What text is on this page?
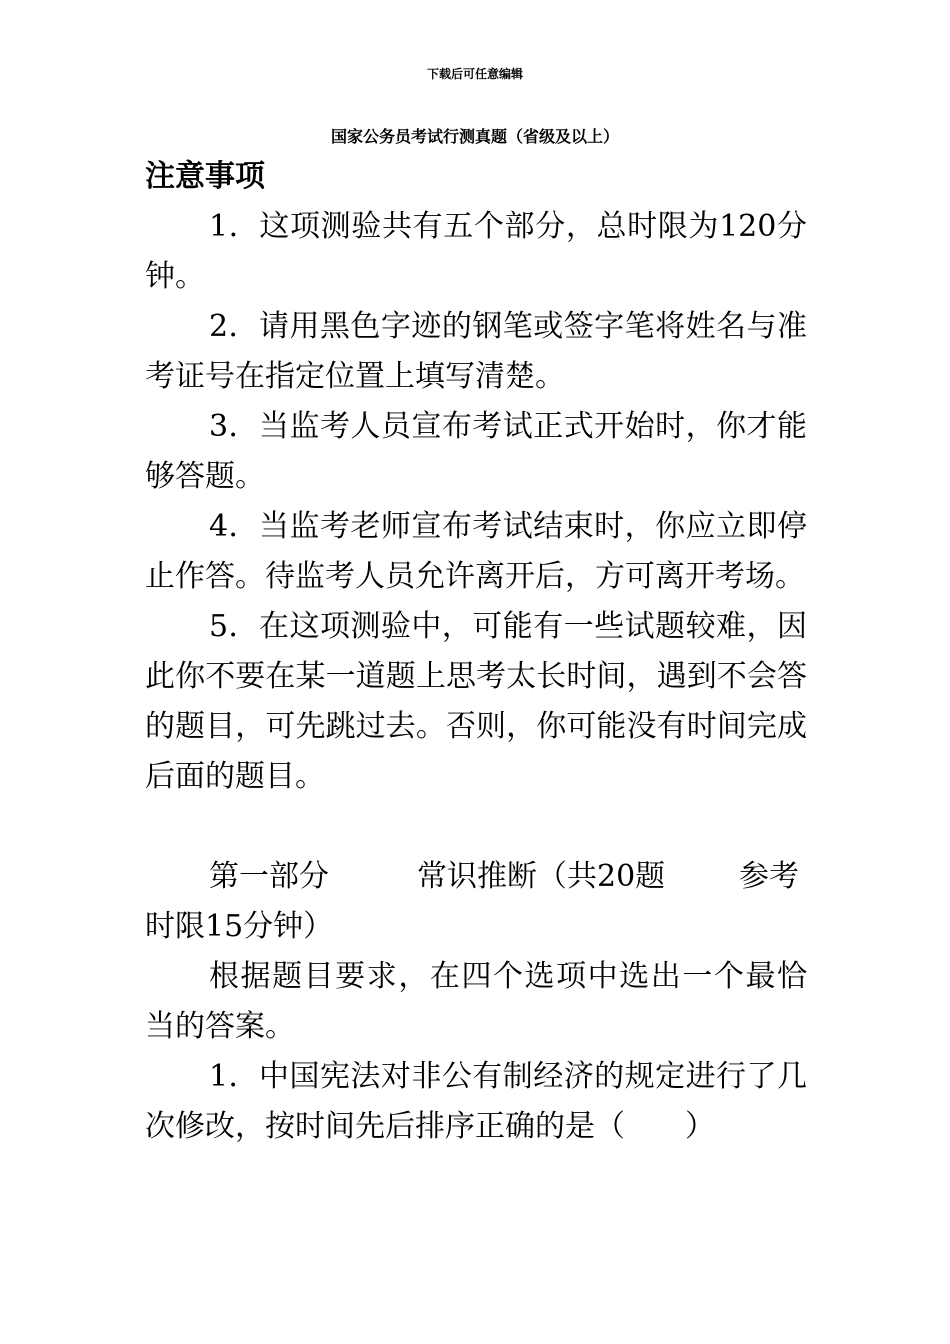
下载后可任意编辑
国家公务员考试行测真题（省级及以上）

注意事项

1．这项测验共有五个部分，总时限为120分钟。

2．请用黑色字迹的钢笔或签字笔将姓名与准考证号在指定位置上填写清楚。

3．当监考人员宣布考试正式开始时，你才能够答题。

4．当监考老师宣布考试结束时，你应立即停止作答。待监考人员允许离开后，方可离开考场。

5．在这项测验中，可能有一些试题较难，因此你不要在某一道题上思考太长时间，遇到不会答的题目，可先跳过去。否则，你可能没有时间完成后面的题目。

第一部分	常识推断（共20题 参考

时限15分钟）

根据题目要求，在四个选项中选出一个最恰当的答案。

1．中国宪法对非公有制经济的规定进行了几次修改，按时间先后排序正确的是（　　）
